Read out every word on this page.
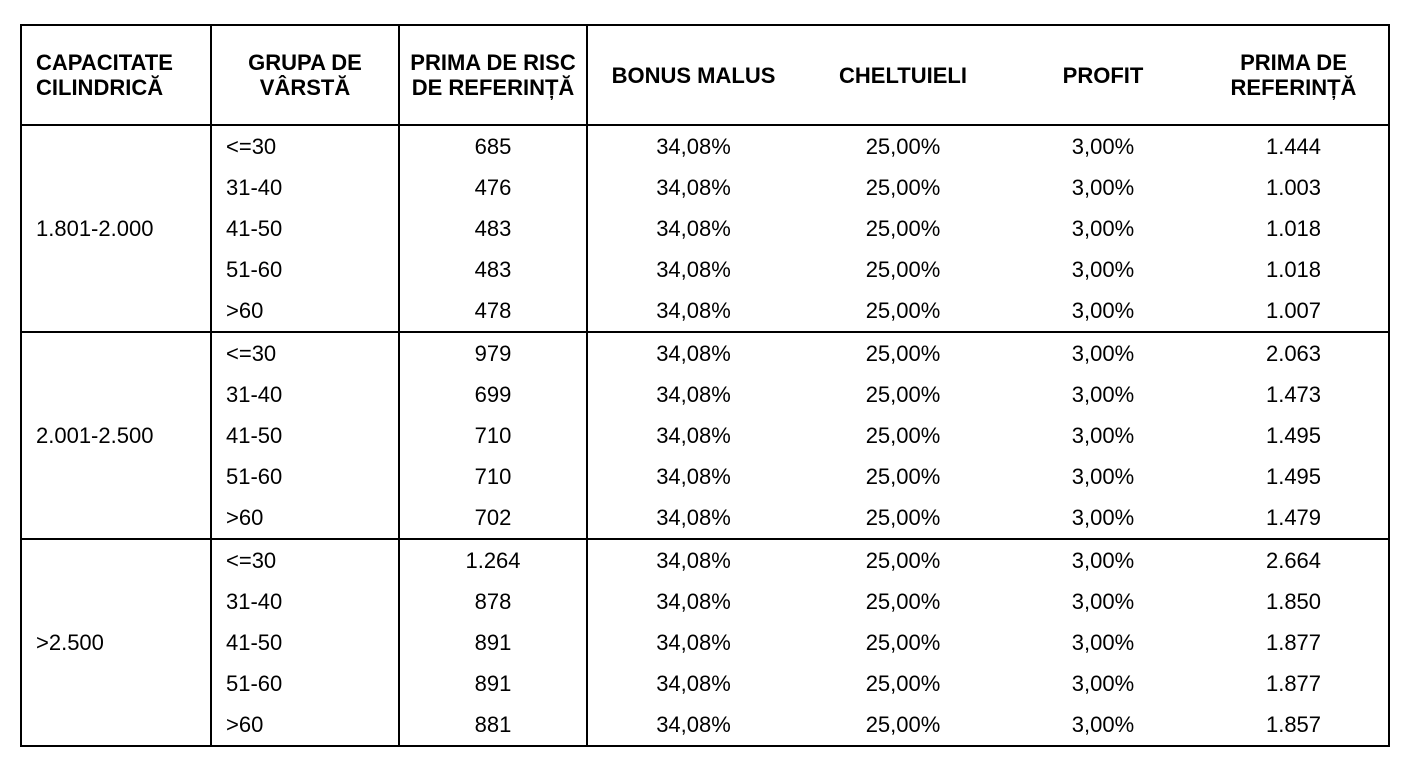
CAPACITATE CILINDRICĂ	GRUPA DE VÂRSTĂ	PRIMA DE RISC DE REFERINȚĂ	BONUS MALUS	CHELTUIELI	PROFIT	PRIMA DE REFERINȚĂ
1.801-2.000	<=30	685	34,08%	25,00%	3,00%	1.444
	31-40	476	34,08%	25,00%	3,00%	1.003
	41-50	483	34,08%	25,00%	3,00%	1.018
	51-60	483	34,08%	25,00%	3,00%	1.018
	>60	478	34,08%	25,00%	3,00%	1.007
2.001-2.500	<=30	979	34,08%	25,00%	3,00%	2.063
	31-40	699	34,08%	25,00%	3,00%	1.473
	41-50	710	34,08%	25,00%	3,00%	1.495
	51-60	710	34,08%	25,00%	3,00%	1.495
	>60	702	34,08%	25,00%	3,00%	1.479
>2.500	<=30	1.264	34,08%	25,00%	3,00%	2.664
	31-40	878	34,08%	25,00%	3,00%	1.850
	41-50	891	34,08%	25,00%	3,00%	1.877
	51-60	891	34,08%	25,00%	3,00%	1.877
	>60	881	34,08%	25,00%	3,00%	1.857
